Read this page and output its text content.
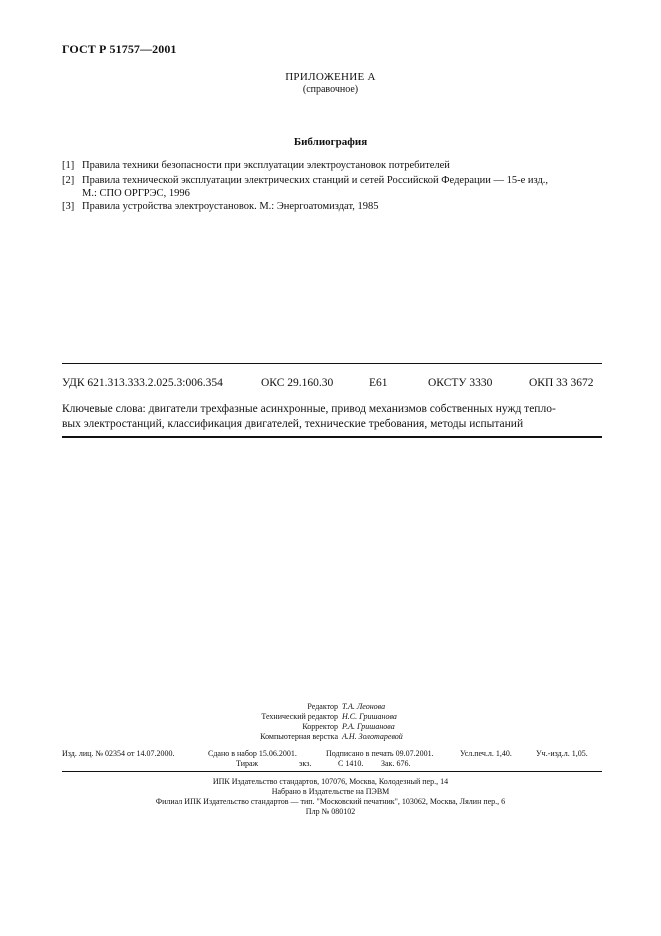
ГОСТ Р 51757—2001
ПРИЛОЖЕНИЕ А
(справочное)
Библиография
[1] Правила техники безопасности при эксплуатации электроустановок потребителей
[2] Правила технической эксплуатации электрических станций и сетей Российской Федерации — 15-е изд.,
М.: СПО ОРГРЭС, 1996
[3] Правила устройства электроустановок. М.: Энергоатомиздат, 1985
УДК 621.313.333.2.025.3:006.354	ОКС 29.160.30	Е61	ОКСТУ 3330	ОКП 33 3672
Ключевые слова: двигатели трехфазные асинхронные, привод механизмов собственных нужд тепло-
вых электростанций, классификация двигателей, технические требования, методы испытаний
Редактор Т.А. Леонова
Технический редактор Н.С. Гришанова
Корректор Р.А. Гришанова
Компьютерная верстка А.Н. Золотаревой
Изд. лиц. № 02354 от 14.07.2000.	Сдано в набор 15.06.2001.	Подписано в печать 09.07.2001.	Усл.печ.л. 1,40.	Уч.-изд.л. 1,05.
Тираж	экз.	С 1410. Зак. 676.
ИПК Издательство стандартов, 107076, Москва, Колодезный пер., 14
Набрано в Издательстве на ПЭВМ
Филиал ИПК Издательство стандартов — тип. "Московский печатник", 103062, Москва, Лялин пер., 6
Плр № 080102
